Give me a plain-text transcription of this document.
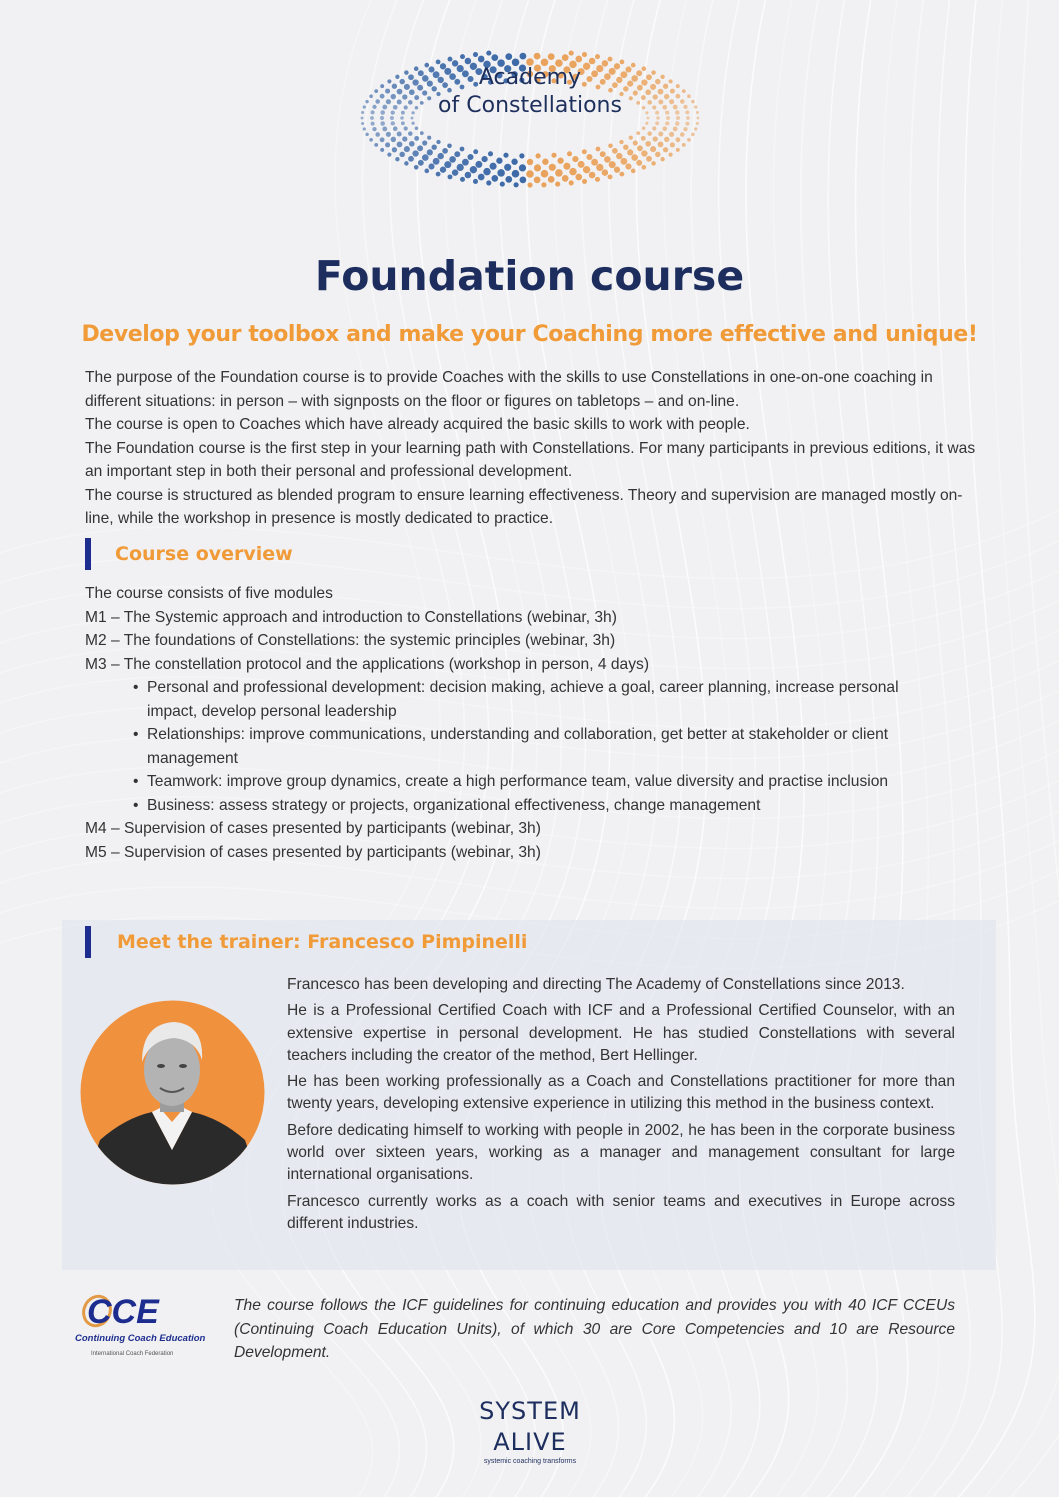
Academy
of Constellations
Foundation course
Develop your toolbox and make your Coaching more effective and unique!

The purpose of the Foundation course is to provide Coaches with the skills to use Constellations in one-on-one coaching in different situations: in person – with signposts on the floor or figures on tabletops – and on-line.

The course is open to Coaches which have already acquired the basic skills to work with people.

The Foundation course is the first step in your learning path with Constellations. For many participants in previous editions, it was an important step in both their personal and professional development.

The course is structured as blended program to ensure learning effectiveness. Theory and supervision are managed mostly on-line, while the workshop in presence is mostly dedicated to practice.

Course overview

The course consists of five modules

M1 – The Systemic approach and introduction to Constellations (webinar, 3h)

M2 – The foundations of Constellations: the systemic principles (webinar, 3h)

M3 – The constellation protocol and the applications (workshop in person, 4 days)

• Personal and professional development: decision making, achieve a goal, career planning, increase personal impact, develop personal leadership
• Relationships: improve communications, understanding and collaboration, get better at stakeholder or client management
• Teamwork: improve group dynamics, create a high performance team, value diversity and practise inclusion
• Business: assess strategy or projects, organizational effectiveness, change management

M4 – Supervision of cases presented by participants (webinar, 3h)

M5 – Supervision of cases presented by participants (webinar, 3h)

Meet the trainer: Francesco Pimpinelli

Francesco has been developing and directing The Academy of Constellations since 2013.

He is a Professional Certified Coach with ICF and a Professional Certified Counselor, with an extensive expertise in personal development. He has studied Constellations with several teachers including the creator of the method, Bert Hellinger.

He has been working professionally as a Coach and Constellations practitioner for more than twenty years, developing extensive experience in utilizing this method in the business context.

Before dedicating himself to working with people in 2002, he has been in the corporate business world over sixteen years, working as a manager and management consultant for large international organisations.

Francesco currently works as a coach with senior teams and executives in Europe across different industries.

CCE
Continuing Coach Education
International Coach Federation
The course follows the ICF guidelines for continuing education and provides you with 40 ICF CCEUs (Continuing Coach Education Units), of which 30 are Core Competencies and 10 are Resource Development.
SYSTEM
ALIVE
systemic coaching transforms
